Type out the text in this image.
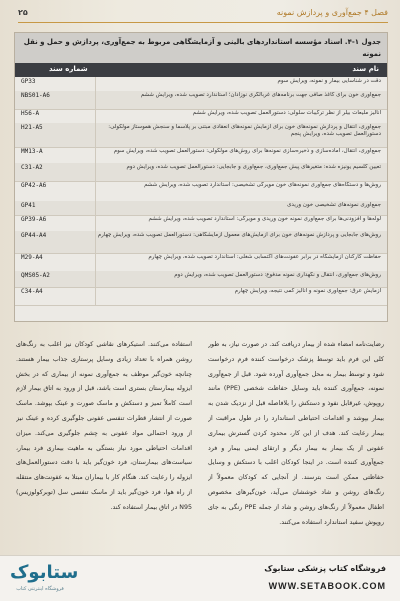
۲۵	فصل ۴ جمع‌آوری و پردازش نمونه
جدول ۱-۴. اسناد مؤسسه استانداردهای بالینی و آزمایشگاهی مربوط به جمع‌آوری، پردازش و حمل و نقل نمونه
نام سند
شماره سند
دقت در شناسایی بیمار و نمونه، ویرایش سوم
GP33
جمع‌آوری خون برای کاغذ صافی جهت برنامه‌های غربالگری نوزادان؛ استاندارد تصویب شده، ویرایش ششم
NBS01-A6
آنالیز ملیعات بیلر از نظر ترکیبات سلولی: دستورالعمل تصویب شده، ویرایش ششم
H56-A
جمع‌آوری، انتقال و پردازش نمونه‌های خون برای آزمایش نمونه‌های انعقادی مبتنی بر پلاسما و سنجش هموستاز مولکولی: دستورالعمل تصویب شده، ویرایش پنجم
H21-A5
جمع‌آوری، انتقال، آماده‌سازی و ذخیره‌سازی نمونه‌ها برای روش‌های مولکولی: دستورالعمل تصویب شده، ویرایش سوم
MM13-A
تعیین کلسیم یونیزه شده: متغیرهای پیش جمع‌آوری، جمع‌آوری و جابجایی: دستورالعمل تصویب شده، ویرایش دوم
C31-A2
روش‌ها و دستگاه‌های جمع‌آوری نمونه‌های خون مویرگی تشخیصی: استاندارد تصویب شده، ویرایش ششم
GP42-A6
جمع‌آوری نمونه‌های تشخیصی خون وریدی
GP41
لوله‌ها و افزودنی‌ها برای جمع‌آوری نمونه خون وریدی و مویرگی: استاندارد تصویب شده، ویرایش ششم
GP39-A6
روش‌های جابجایی و پردازش نمونه‌های خون برای آزمایش‌های معمول آزمایشگاهی: دستورالعمل تصویب شده، ویرایش چهارم
GP44-A4
حفاظت کارکنان آزمایشگاه در برابر عفونت‌های اکتسابی شغلی: استاندارد تصویب شده، ویرایش چهارم
M29-A4
روش‌های جمع‌آوری، انتقال و نگهداری نمونه مدفوع: دستورالعمل تصویب شده، ویرایش دوم
QMS05-A2
آزمایش عرق: جمع‌آوری نمونه و آنالیز کمی نتیجه، ویرایش چهارم
C34-A4
رضایت‌نامه امضاء شده از بیمار دریافت کند. در صورت نیاز، به طور کلی این فرم باید توسط پزشک درخواست کننده فرم درخواست شود و توسط بیمار به محل جمع‌آوری آورده شود. قبل از جمع‌آوری نمونه، جمع‌آوری کننده باید وسایل حفاظت شخصی (PPE) مانند روپوش، غیرقابل نفوذ و دستکش را بلافاصله قبل از نزدیک شدن به بیمار بپوشد و اقدامات احتیاطی استاندارد را در طول مراقبت از بیمار رعایت کند. هدف از این کار، محدود کردن گسترش بیماری عفونی از یک بیمار به بیمار دیگر و ارتقای ایمنی بیمار و فرد جمع‌آوری کننده است. در اینجا کودکان اغلب با دستکش و وسایل حفاظتی ممکن است بترسند. از آنجایی که کودکان معمولاً از رنگ‌های روشن و شاد خوششان می‌آید، خون‌گیرهای مخصوص اطفال معمولاً از رنگ‌های روشن و شاد از جمله PPE رنگی به جای روپوش سفید استاندارد استفاده می‌کنند.
استفاده می‌کنند. استیکرهای نقاشی کودکان نیز اغلب به رنگ‌های روشن همراه با تعداد زیادی وسایل پرستاری جذاب بیمار هستند. چنانچه خون‌گیر موظف به جمع‌آوری نمونه از بیماری که در بخش ایزوله بیمارستان بستری است باشد، قبل از ورود به اتاق بیمار لازم است کاملاً تمیز و دستکش و ماسک صورت و عینک بپوشد. ماسک صورت از انتشار قطرات تنفسی عفونی جلوگیری کرده و عینک نیز از ورود احتمالی مواد عفونی به چشم جلوگیری می‌کند. میزان اقدامات احتیاطی مورد نیاز بستگی به ماهیت بیماری فرد بیمار، سیاست‌های بیمارستان، فرد خون‌گیر باید با دقت دستورالعمل‌های ایزوله را رعایت کند. هنگام کار با بیماران مبتلا به عفونت‌های منتقله از راه هوا، فرد خون‌گیر باید از ماسک تنفسی سل (توبرکولوزیس) N95 در اتاق بیمار استفاده کند.
ستابوک
فروشگاه اینترنتی کتاب
فروشگاه کتاب پزشکی ستابوک
WWW.SETABOOK.COM
